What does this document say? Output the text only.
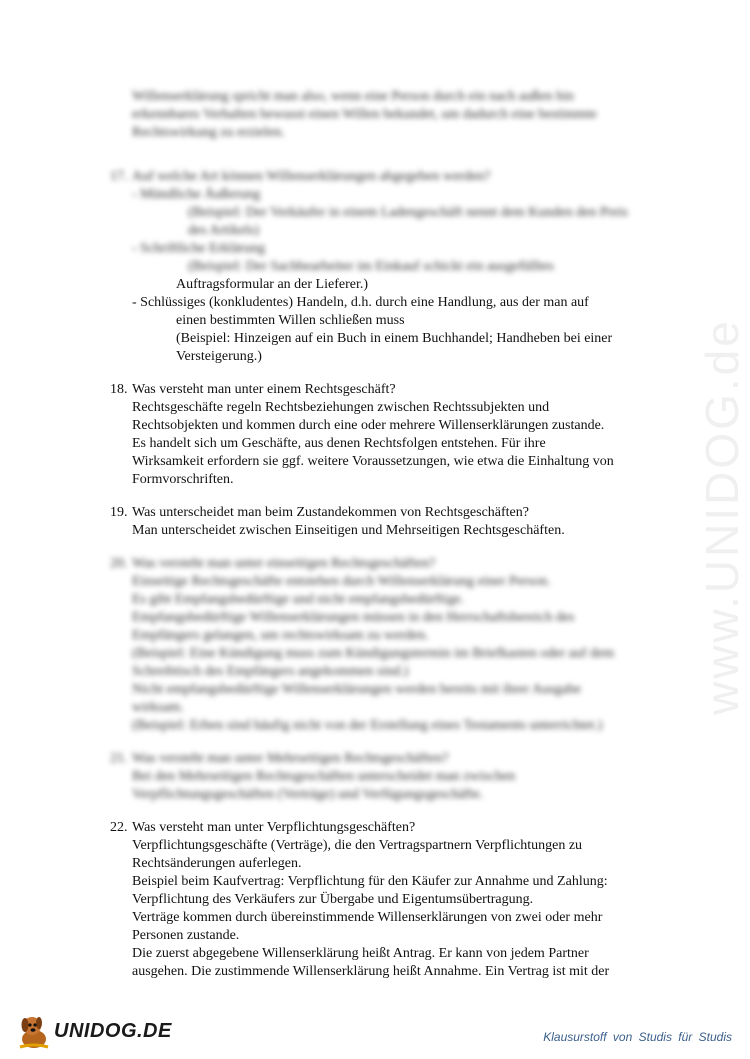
www.UNIDOG.de
Willenserklärung spricht man also, wenn eine Person durch ein nach außen hin
erkennbares Verhalten bewusst einen Willen bekundet, um dadurch eine bestimmte
Rechtswirkung zu erzielen.
17. Auf welche Art können Willenserklärungen abgegeben werden?
- Mündliche Äußerung
(Beispiel: Der Verkäufer in einem Ladengeschäft nennt dem Kunden den Preis
des Artikels)
- Schriftliche Erklärung
(Beispiel: Der Sachbearbeiter im Einkauf schickt ein ausgefülltes
Auftragsformular an der Lieferer.)
- Schlüssiges (konkludentes) Handeln, d.h. durch eine Handlung, aus der man auf
einen bestimmten Willen schließen muss
(Beispiel: Hinzeigen auf ein Buch in einem Buchhandel; Handheben bei einer
Versteigerung.)
18. Was versteht man unter einem Rechtsgeschäft?
Rechtsgeschäfte regeln Rechtsbeziehungen zwischen Rechtssubjekten und
Rechtsobjekten und kommen durch eine oder mehrere Willenserklärungen zustande.
Es handelt sich um Geschäfte, aus denen Rechtsfolgen entstehen. Für ihre
Wirksamkeit erfordern sie ggf. weitere Voraussetzungen, wie etwa die Einhaltung von
Formvorschriften.
19. Was unterscheidet man beim Zustandekommen von Rechtsgeschäften?
Man unterscheidet zwischen Einseitigen und Mehrseitigen Rechtsgeschäften.
20. Was versteht man unter einseitigen Rechtsgeschäften?
Einseitige Rechtsgeschäfte entstehen durch Willenserklärung einer Person.
Es gibt Empfangsbedürftige und nicht empfangsbedürftige.
Empfangsbedürftige Willenserklärungen müssen in den Herrschaftsbereich des
Empfängers gelangen, um rechtswirksam zu werden.
(Beispiel: Eine Kündigung muss zum Kündigungstermin im Briefkasten oder auf dem
Schreibtisch des Empfängers angekommen sind.)
Nicht empfangsbedürftige Willenserklärungen werden bereits mit ihrer Ausgabe
wirksam.
(Beispiel: Erben sind häufig nicht von der Erstellung eines Testaments unterrichtet.)
21. Was versteht man unter Mehrseitigen Rechtsgeschäften?
Bei den Mehrseitigen Rechtsgeschäften unterscheidet man zwischen
Verpflichtungsgeschäften (Verträge) und Verfügungsgeschäfte.
22. Was versteht man unter Verpflichtungsgeschäften?
Verpflichtungsgeschäfte (Verträge), die den Vertragspartnern Verpflichtungen zu
Rechtsänderungen auferlegen.
Beispiel beim Kaufvertrag: Verpflichtung für den Käufer zur Annahme und Zahlung:
Verpflichtung des Verkäufers zur Übergabe und Eigentumsübertragung.
Verträge kommen durch übereinstimmende Willenserklärungen von zwei oder mehr
Personen zustande.
Die zuerst abgegebene Willenserklärung heißt Antrag. Er kann von jedem Partner
ausgehen. Die zustimmende Willenserklärung heißt Annahme. Ein Vertrag ist mit der
UNIDOG.DE	Klausurstoff von Studis für Studis
